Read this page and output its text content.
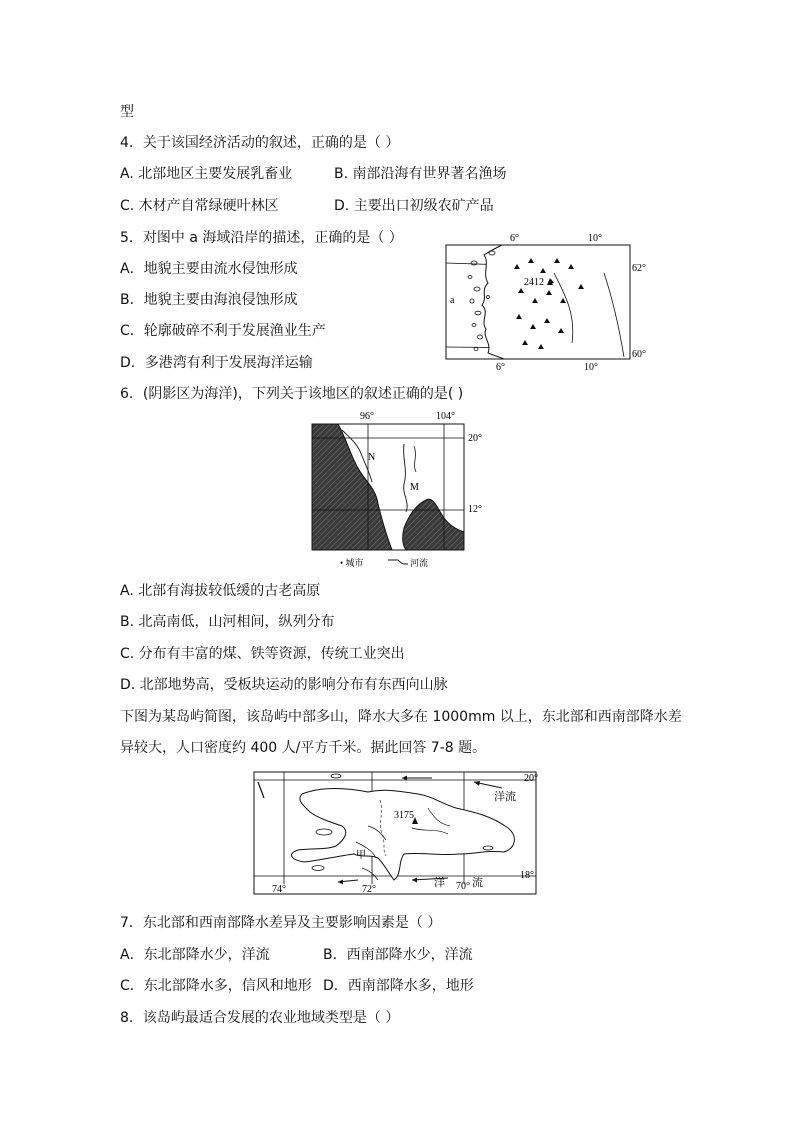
型
4．关于该国经济活动的叙述，正确的是（ ）
A. 北部地区主要发展乳畜业	B. 南部沿海有世界著名渔场
C. 木材产自常绿硬叶林区	D. 主要出口初级农矿产品
5．对图中 a 海域沿岸的描述，正确的是（ ）
A．地貌主要由流水侵蚀形成
B．地貌主要由海浪侵蚀形成
C．轮廓破碎不利于发展渔业生产
D．多港湾有利于发展海洋运输
6．(阴影区为海洋)，下列关于该地区的叙述正确的是( )
A. 北部有海拔较低缓的古老高原
B. 北高南低，山河相间，纵列分布
C. 分布有丰富的煤、铁等资源，传统工业突出
D. 北部地势高，受板块运动的影响分布有东西向山脉
下图为某岛屿简图，该岛屿中部多山，降水大多在 1000mm 以上，东北部和西南部降水差
异较大，人口密度约 400 人/平方千米。据此回答 7-8 题。
7．东北部和西南部降水差异及主要影响因素是（ ）
A．东北部降水少，洋流	B．西南部降水少，洋流
C．东北部降水多，信风和地形 D．西南部降水多，地形
8．该岛屿最适合发展的农业地域类型是（ ）
6°	10°
62°
60°
6°	10°
2412
a
96°	104°
20°
12°
N
M
• 城市	河流
20°
18°
74°	72°	70°
洋流
洋 流
3175
甲
